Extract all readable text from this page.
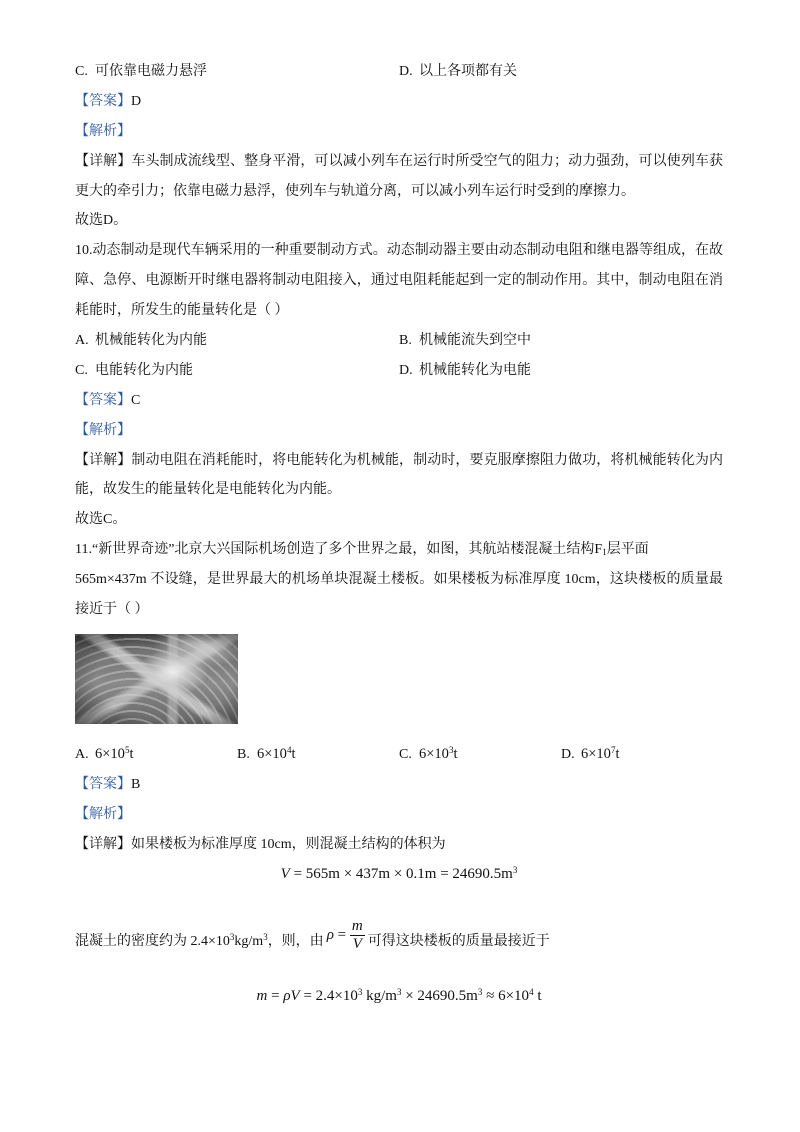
C. 可依靠电磁力悬浮	D. 以上各项都有关
【答案】D
【解析】
【详解】车头制成流线型、整身平滑，可以减小列车在运行时所受空气的阻力；动力强劲，可以使列车获
更大的牵引力；依靠电磁力悬浮，使列车与轨道分离，可以减小列车运行时受到的摩擦力。
故选D。
10.动态制动是现代车辆采用的一种重要制动方式。动态制动器主要由动态制动电阻和继电器等组成，在故
障、急停、电源断开时继电器将制动电阻接入，通过电阻耗能起到一定的制动作用。其中，制动电阻在消
耗能时，所发生的能量转化是（ ）
A. 机械能转化为内能	B. 机械能流失到空中
C. 电能转化为内能	D. 机械能转化为电能
【答案】C
【解析】
【详解】制动电阻在消耗能时，将电能转化为机械能，制动时，要克服摩擦阻力做功，将机械能转化为内
能，故发生的能量转化是电能转化为内能。
故选C。
11.“新世界奇迹”北京大兴国际机场创造了多个世界之最，如图，其航站楼混凝土结构$F_1$层平面
565m×437m 不设缝，是世界最大的机场单块混凝土楼板。如果楼板为标准厚度 10cm，这块楼板的质量最
接近于（ ）
A. $6\times 10^5t$	B. $6\times 10^4t$	C. $6\times 10^3t$	D. $6\times 10^7t$
【答案】B
【解析】
【详解】如果楼板为标准厚度 10cm，则混凝土结构的体积为
$V = 565m \times 437m \times 0.1m = 24690.5m^3$
混凝土的密度约为 $2.4\times 10^3kg/m^3$，则，由 $\rho = \frac{m}{V}$ 可得这块楼板的质量最接近于
$m = \rho V = 2.4\times 10^3$ $kg/m^3 \times 24690.5m^3 \approx 6\times 10^4$ t
